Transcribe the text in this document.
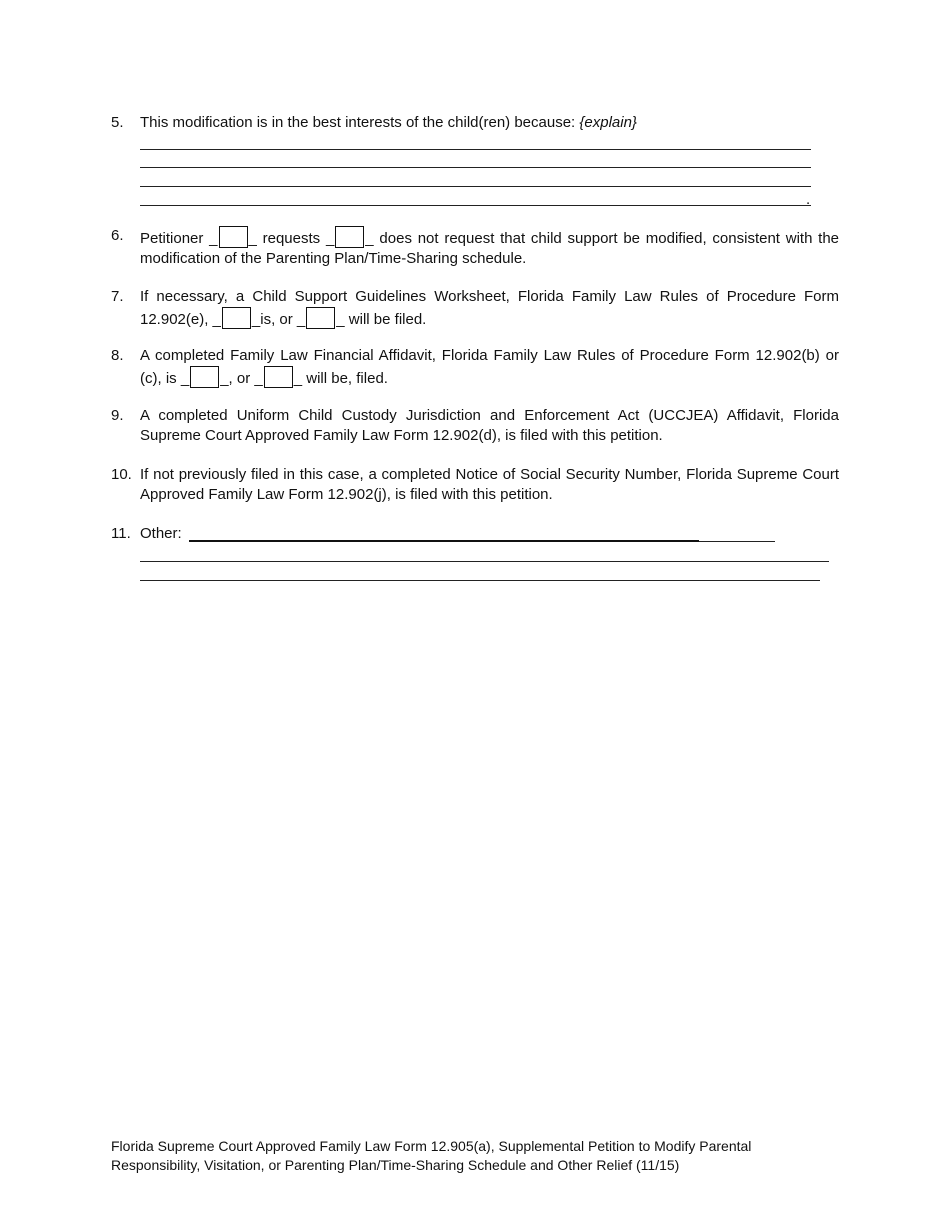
5.	This modification is in the best interests of the child(ren) because: {explain}
.
6.	Petitioner _ _ requests _ _ does not request that child support be modified, consistent with the modification of the Parenting Plan/Time-Sharing schedule.
7.	If necessary, a Child Support Guidelines Worksheet, Florida Family Law Rules of Procedure Form 12.902(e), _ _is, or _ _ will be filed.
8.	A completed Family Law Financial Affidavit, Florida Family Law Rules of Procedure Form 12.902(b) or (c), is _ _, or _ _ will be, filed.
9.	A completed Uniform Child Custody Jurisdiction and Enforcement Act (UCCJEA) Affidavit, Florida Supreme Court Approved Family Law Form 12.902(d), is filed with this petition.
10. If not previously filed in this case, a completed Notice of Social Security Number, Florida Supreme Court Approved Family Law Form 12.902(j), is filed with this petition.
11. Other:
Florida Supreme Court Approved Family Law Form 12.905(a), Supplemental Petition to Modify Parental
Responsibility, Visitation, or Parenting Plan/Time-Sharing Schedule and Other Relief (11/15)
